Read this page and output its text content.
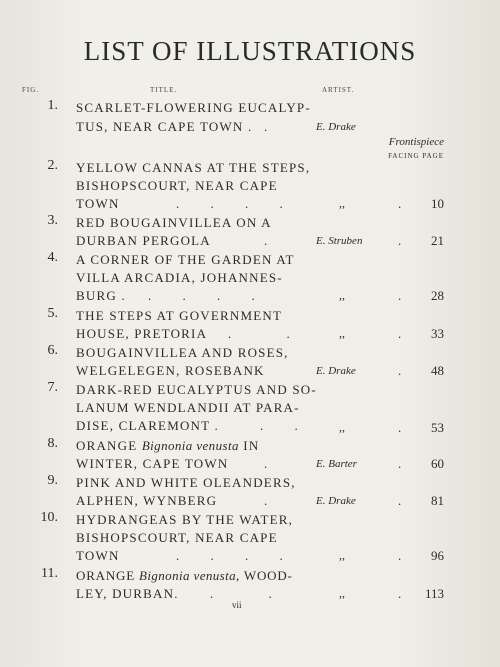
LIST OF ILLUSTRATIONS
FIG.	TITLE.	ARTIST.
1. SCARLET-FLOWERING EUCALYP-
TUS, NEAR CAPE TOWN . .	E. Drake
Frontispiece
FACING PAGE
2. YELLOW CANNAS AT THE STEPS,
BISHOPSCOURT, NEAR CAPE
TOWN	. . . .	,,	. 10
3. RED BOUGAINVILLEA ON A
DURBAN PERGOLA	.	E. Struben	. 21
4. A CORNER OF THE GARDEN AT
VILLA ARCADIA, JOHANNES-
BURG . . . . .	,,	. 28
5. THE STEPS AT GOVERNMENT
HOUSE, PRETORIA . . ,,	. 33
6. BOUGAINVILLEA AND ROSES,
WELGELEGEN, ROSEBANK	E. Drake	. 48
7. DARK-RED EUCALYPTUS AND SO-
LANUM WENDLANDII AT PARA-
DISE, CLAREMONT .	. . ,,	. 53
8. ORANGE Bignonia venusta IN
WINTER, CAPE TOWN	.	E. Barter	. 60
9. PINK AND WHITE OLEANDERS,
ALPHEN, WYNBERG	.	E. Drake	. 81
10. HYDRANGEAS BY THE WATER,
BISHOPSCOURT, NEAR CAPE
TOWN	. . . .	,,	. 96
11. ORANGE Bignonia venusta, WOOD-
LEY, DURBAN. . .	,,	. 113
vii
